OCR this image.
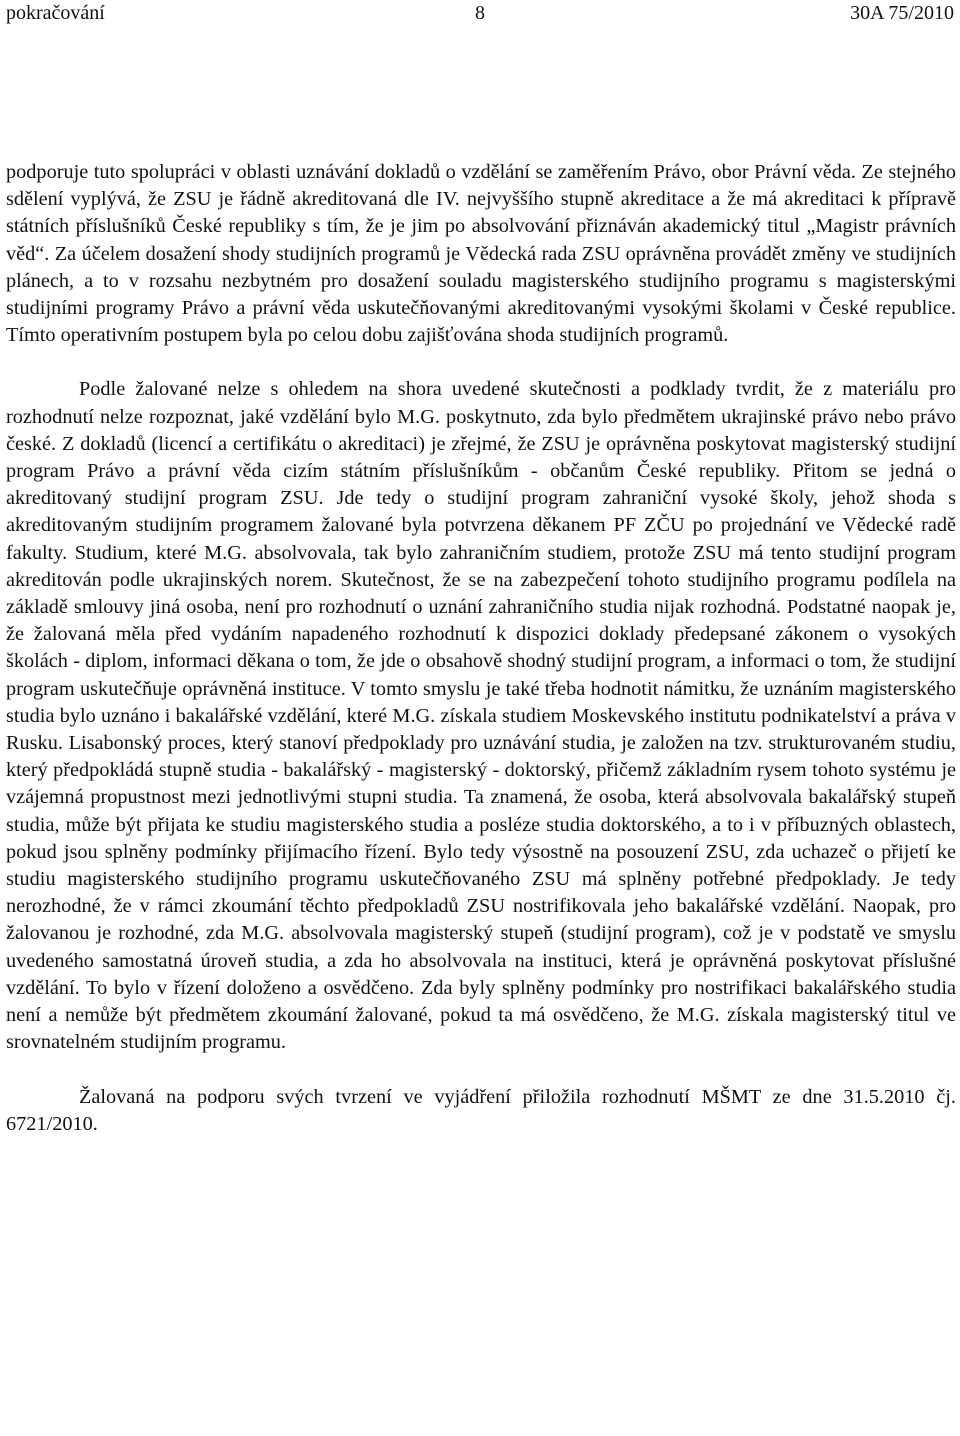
pokračování	8	30A 75/2010

podporuje tuto spolupráci v oblasti uznávání dokladů o vzdělání se zaměřením Právo, obor Právní věda. Ze stejného sdělení vyplývá, že ZSU je řádně akreditovaná dle IV. nejvyššího stupně akreditace a že má akreditaci k přípravě státních příslušníků České republiky s tím, že je jim po absolvování přiznáván akademický titul „Magistr právních věd“. Za účelem dosažení shody studijních programů je Vědecká rada ZSU oprávněna provádět změny ve studijních plánech, a to v rozsahu nezbytném pro dosažení souladu magisterského studijního programu s magisterskými studijními programy Právo a právní věda uskutečňovanými akreditovanými vysokými školami v České republice. Tímto operativním postupem byla po celou dobu zajišťována shoda studijních programů.

Podle žalované nelze s ohledem na shora uvedené skutečnosti a podklady tvrdit, že z materiálu pro rozhodnutí nelze rozpoznat, jaké vzdělání bylo M.G. poskytnuto, zda bylo předmětem ukrajinské právo nebo právo české. Z dokladů (licencí a certifikátu o akreditaci) je zřejmé, že ZSU je oprávněna poskytovat magisterský studijní program Právo a právní věda cizím státním příslušníkům - občanům České republiky. Přitom se jedná o akreditovaný studijní program ZSU. Jde tedy o studijní program zahraniční vysoké školy, jehož shoda s akreditovaným studijním programem žalované byla potvrzena děkanem PF ZČU po projednání ve Vědecké radě fakulty. Studium, které M.G. absolvovala, tak bylo zahraničním studiem, protože ZSU má tento studijní program akreditován podle ukrajinských norem. Skutečnost, že se na zabezpečení tohoto studijního programu podílela na základě smlouvy jiná osoba, není pro rozhodnutí o uznání zahraničního studia nijak rozhodná. Podstatné naopak je, že žalovaná měla před vydáním napadeného rozhodnutí k dispozici doklady předepsané zákonem o vysokých školách - diplom, informaci děkana o tom, že jde o obsahově shodný studijní program, a informaci o tom, že studijní program uskutečňuje oprávněná instituce. V tomto smyslu je také třeba hodnotit námitku, že uznáním magisterského studia bylo uznáno i bakalářské vzdělání, které M.G. získala studiem Moskevského institutu podnikatelství a práva v Rusku. Lisabonský proces, který stanoví předpoklady pro uznávání studia, je založen na tzv. strukturovaném studiu, který předpokládá stupně studia - bakalářský - magisterský - doktorský, přičemž základním rysem tohoto systému je vzájemná propustnost mezi jednotlivými stupni studia. Ta znamená, že osoba, která absolvovala bakalářský stupeň studia, může být přijata ke studiu magisterského studia a posléze studia doktorského, a to i v příbuzných oblastech, pokud jsou splněny podmínky přijímacího řízení. Bylo tedy výsostně na posouzení ZSU, zda uchazeč o přijetí ke studiu magisterského studijního programu uskutečňovaného ZSU má splněny potřebné předpoklady. Je tedy nerozhodné, že v rámci zkoumání těchto předpokladů ZSU nostrifikovala jeho bakalářské vzdělání. Naopak, pro žalovanou je rozhodné, zda M.G. absolvovala magisterský stupeň (studijní program), což je v podstatě ve smyslu uvedeného samostatná úroveň studia, a zda ho absolvovala na instituci, která je oprávněná poskytovat příslušné vzdělání. To bylo v řízení doloženo a osvědčeno. Zda byly splněny podmínky pro nostrifikaci bakalářského studia není a nemůže být předmětem zkoumání žalované, pokud ta má osvědčeno, že M.G. získala magisterský titul ve srovnatelném studijním programu.

Žalovaná na podporu svých tvrzení ve vyjádření přiložila rozhodnutí MŠMT ze dne 31.5.2010 čj. 6721/2010.
